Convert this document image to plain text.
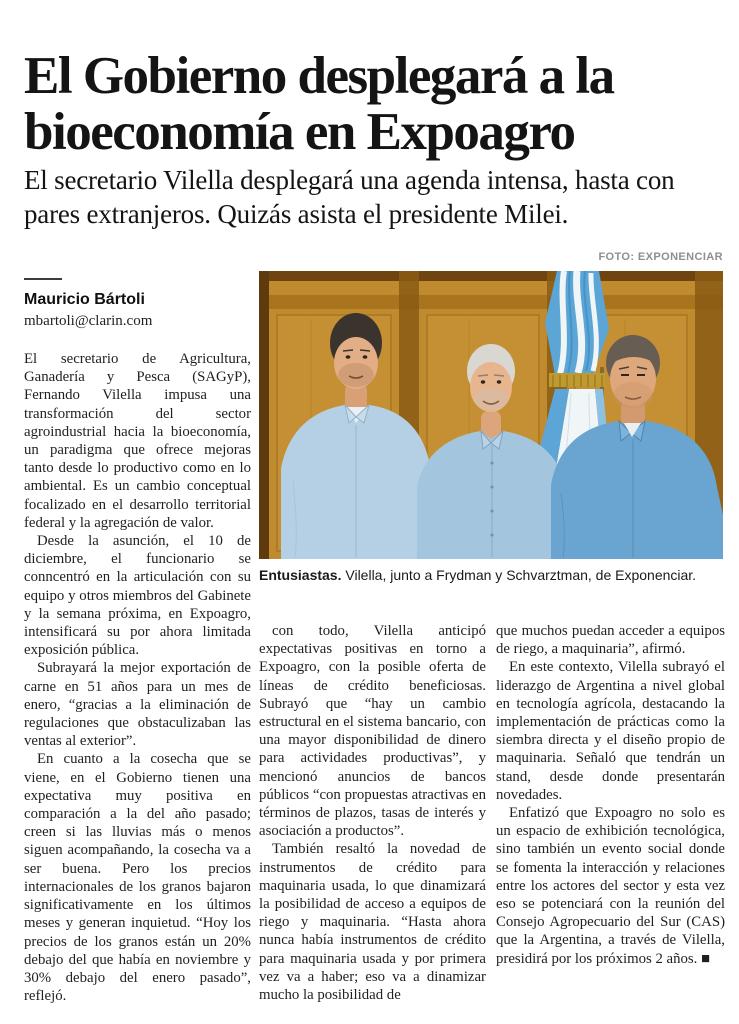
El Gobierno desplegará a la bioeconomía en Expoagro
El secretario Vilella desplegará una agenda intensa, hasta con pares extranjeros. Quizás asista el presidente Milei.
FOTO: EXPONENCIAR
Entusiastas. Vilella, junto a Frydman y Schvarztman, de Exponenciar.
Mauricio Bártoli
mbartoli@clarin.com

El secretario de Agricultura, Ganadería y Pesca (SAGyP), Fernando Vilella impusa una transformación del sector agroindustrial hacia la bioeconomía, un paradigma que ofrece mejoras tanto desde lo productivo como en lo ambiental. Es un cambio conceptual focalizado en el desarrollo territorial federal y la agregación de valor.

Desde la asunción, el 10 de diciembre, el funcionario se conncentró en la articulación con su equipo y otros miembros del Gabinete y la semana próxima, en Expoagro, intensificará su por ahora limitada exposición pública.

Subrayará la mejor exportación de carne en 51 años para un mes de enero, “gracias a la eliminación de regulaciones que obstaculizaban las ventas al exterior”.

En cuanto a la cosecha que se viene, en el Gobierno tienen una expectativa muy positiva en comparación a la del año pasado; creen si las lluvias más o menos siguen acompañando, la cosecha va a ser buena. Pero los precios internacionales de los granos bajaron significativamente en los últimos meses y generan inquietud. “Hoy los precios de los granos están un 20% debajo del que había en noviembre y 30% debajo del enero pasado”, reflejó.

con todo, Vilella anticipó expectativas positivas en torno a Expoagro, con la posible oferta de líneas de crédito beneficiosas. Subrayó que “hay un cambio estructural en el sistema bancario, con una mayor disponibilidad de dinero para actividades productivas”, y mencionó anuncios de bancos públicos “con propuestas atractivas en términos de plazos, tasas de interés y asociación a productos”.

También resaltó la novedad de instrumentos de crédito para maquinaria usada, lo que dinamizará la posibilidad de acceso a equipos de riego y maquinaria. “Hasta ahora nunca había instrumentos de crédito para maquinaria usada y por primera vez va a haber; eso va a dinamizar mucho la posibilidad de

que muchos puedan acceder a equipos de riego, a maquinaria”, afirmó.

En este contexto, Vilella subrayó el liderazgo de Argentina a nivel global en tecnología agrícola, destacando la implementación de prácticas como la siembra directa y el diseño propio de maquinaria. Señaló que tendrán un stand, desde donde presentarán novedades.

Enfatizó que Expoagro no solo es un espacio de exhibición tecnológica, sino también un evento social donde se fomenta la interacción y relaciones entre los actores del sector y esta vez eso se potenciará con la reunión del Consejo Agropecuario del Sur (CAS) que la Argentina, a través de Vilella, presidirá por los próximos 2 años. ■
